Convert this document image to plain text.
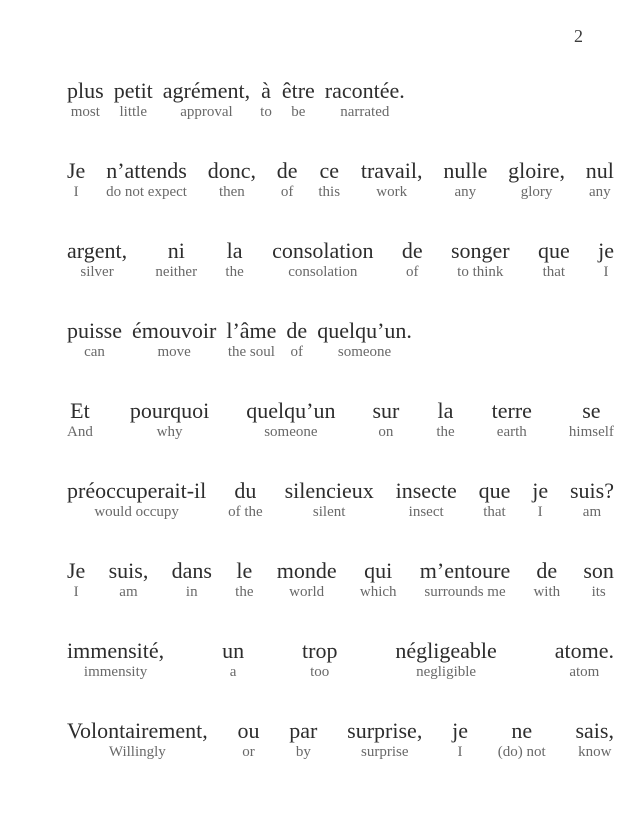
2
plus
most
petit
little
agrément,
approval
à
to
être
be
racontée.
narrated
Je
I
n’attends
do not expect
donc,
then
de
of
ce
this
travail,
work
nulle
any
gloire,
glory
nul
any
argent,
silver
ni
neither
la
the
consolation
consolation
de
of
songer
to think
que
that
je
I
puisse
can
émouvoir
move
l’âme
the soul
de
of
quelqu’un.
someone
Et
And
pourquoi
why
quelqu’un
someone
sur
on
la
the
terre
earth
se
himself
préoccuperait-il
would occupy
du
of the
silencieux
silent
insecte
insect
que
that
je
I
suis?
am
Je
I
suis,
am
dans
in
le
the
monde
world
qui
which
m’entoure
surrounds me
de
with
son
its
immensité,
immensity
un
a
trop
too
négligeable
negligible
atome.
atom
Volontairement,
Willingly
ou
or
par
by
surprise,
surprise
je
I
ne
(do) not
sais,
know
